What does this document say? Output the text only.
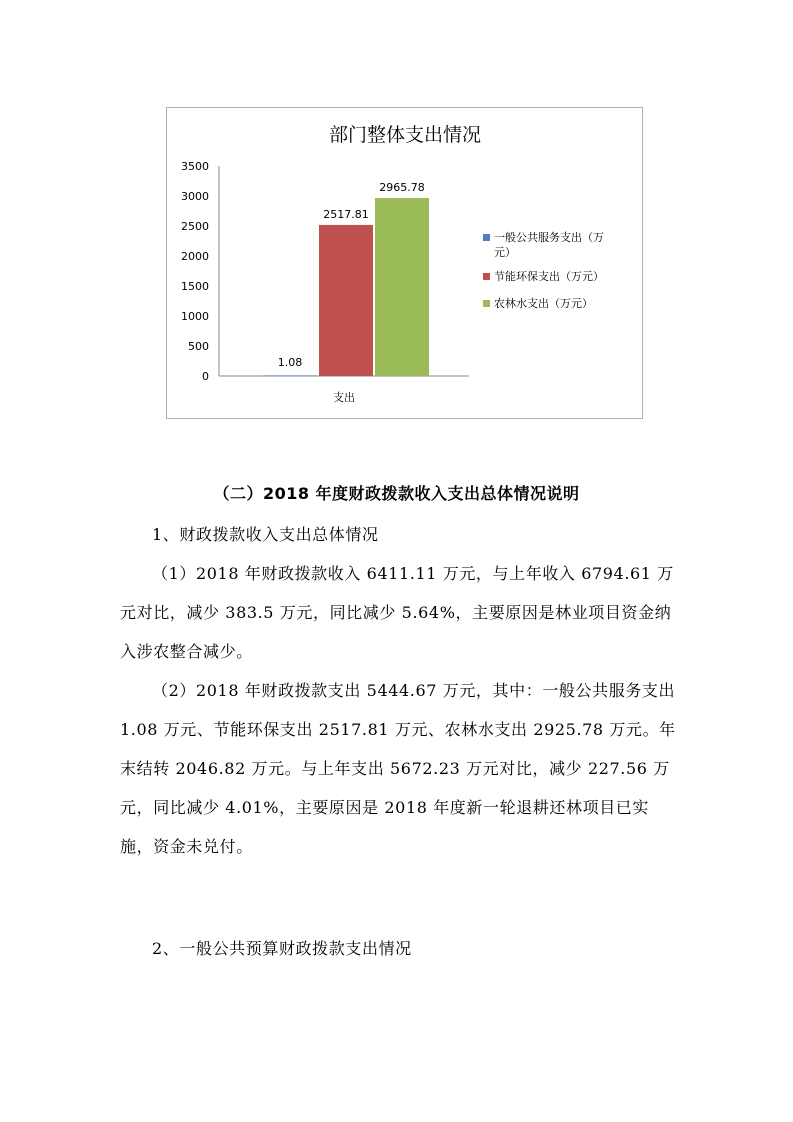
部门整体支出情况
0
500
1000
1500
2000
2500
3000
3500
1.08
2517.81
2965.78
支出
一般公共服务支出（万
元）
节能环保支出（万元）
农林水支出（万元）
（二）2018 年度财政拨款收入支出总体情况说明

1、财政拨款收入支出总体情况

（1）2018 年财政拨款收入 6411.11 万元，与上年收入 6794.61 万元对比，减少 383.5 万元，同比减少 5.64%，主要原因是林业项目资金纳入涉农整合减少。

（2）2018 年财政拨款支出 5444.67 万元，其中：一般公共服务支出 1.08 万元、节能环保支出 2517.81 万元、农林水支出 2925.78 万元。年末结转 2046.82 万元。与上年支出 5672.23 万元对比，减少 227.56 万元，同比减少 4.01%，主要原因是 2018 年度新一轮退耕还林项目已实施，资金未兑付。

2、一般公共预算财政拨款支出情况
